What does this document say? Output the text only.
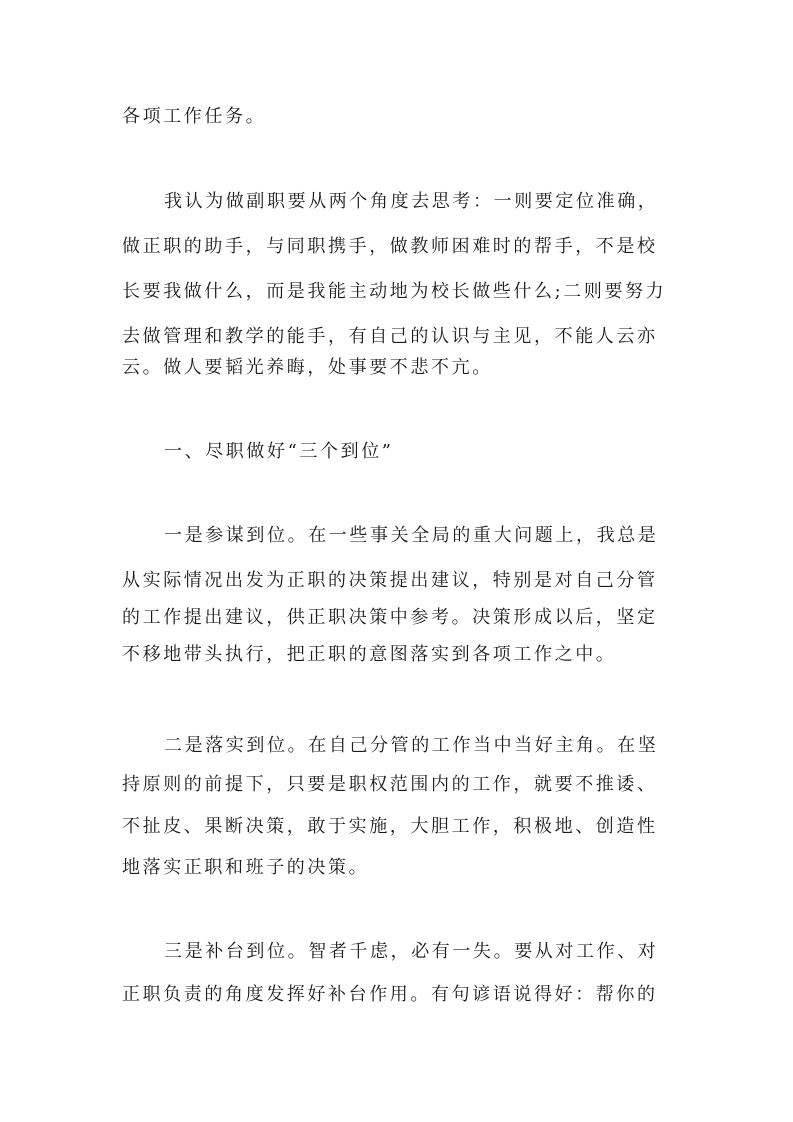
各项工作任务。
我认为做副职要从两个角度去思考：一则要定位准确，
做正职的助手，与同职携手，做教师困难时的帮手，不是校
长要我做什么，而是我能主动地为校长做些什么;二则要努力
去做管理和教学的能手，有自己的认识与主见，不能人云亦
云。做人要韬光养晦，处事要不悲不亢。
一、尽职做好“三个到位”
一是参谋到位。在一些事关全局的重大问题上，我总是
从实际情况出发为正职的决策提出建议，特别是对自己分管
的工作提出建议，供正职决策中参考。决策形成以后，坚定
不移地带头执行，把正职的意图落实到各项工作之中。
二是落实到位。在自己分管的工作当中当好主角。在坚
持原则的前提下，只要是职权范围内的工作，就要不推诿、
不扯皮、果断决策，敢于实施，大胆工作，积极地、创造性
地落实正职和班子的决策。
三是补台到位。智者千虑，必有一失。要从对工作、对
正职负责的角度发挥好补台作用。有句谚语说得好：帮你的
